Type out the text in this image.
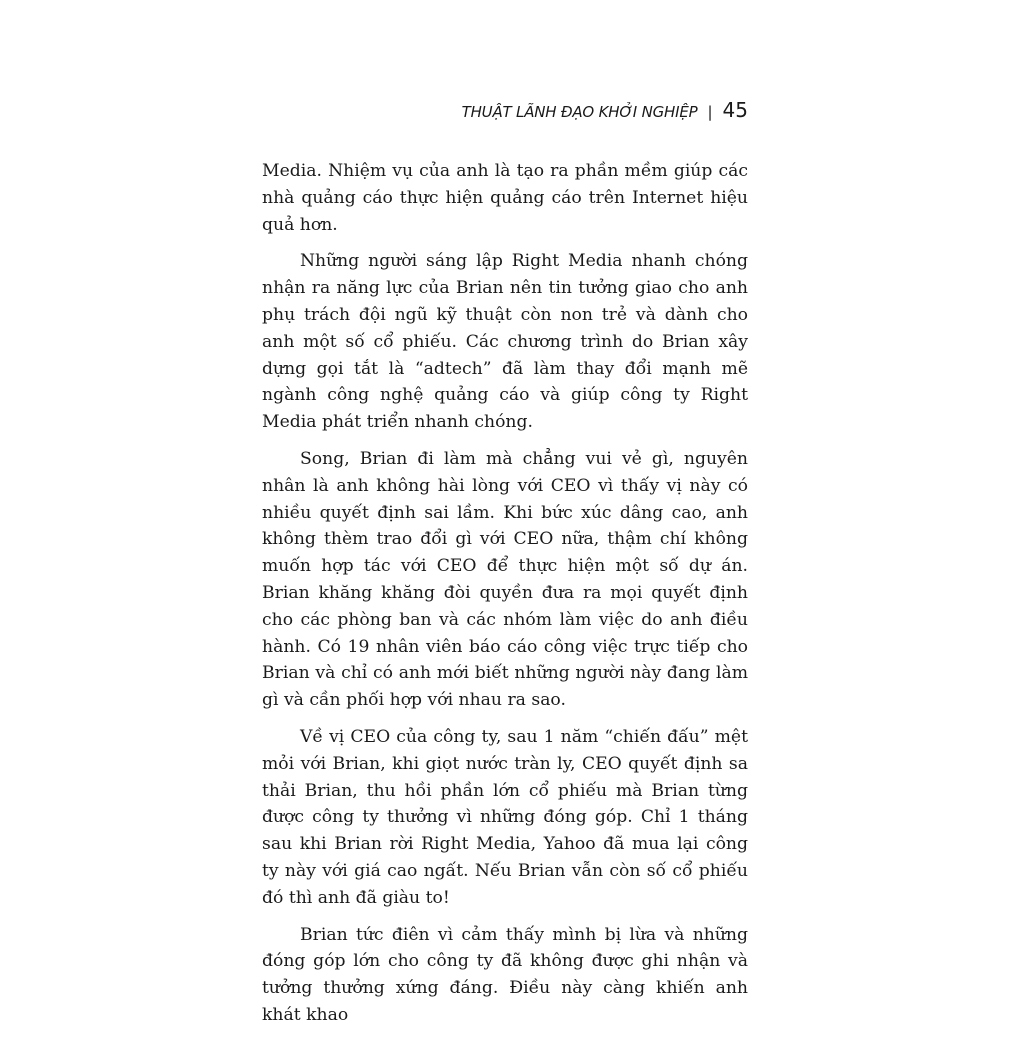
THUẬT LÃNH ĐẠO KHỞI NGHIỆP | 45

Media. Nhiệm vụ của anh là tạo ra phần mềm giúp các nhà quảng cáo thực hiện quảng cáo trên Internet hiệu quả hơn.

Những người sáng lập Right Media nhanh chóng nhận ra năng lực của Brian nên tin tưởng giao cho anh phụ trách đội ngũ kỹ thuật còn non trẻ và dành cho anh một số cổ phiếu. Các chương trình do Brian xây dựng gọi tắt là “adtech” đã làm thay đổi mạnh mẽ ngành công nghệ quảng cáo và giúp công ty Right Media phát triển nhanh chóng.

Song, Brian đi làm mà chẳng vui vẻ gì, nguyên nhân là anh không hài lòng với CEO vì thấy vị này có nhiều quyết định sai lầm. Khi bức xúc dâng cao, anh không thèm trao đổi gì với CEO nữa, thậm chí không muốn hợp tác với CEO để thực hiện một số dự án. Brian khăng khăng đòi quyền đưa ra mọi quyết định cho các phòng ban và các nhóm làm việc do anh điều hành. Có 19 nhân viên báo cáo công việc trực tiếp cho Brian và chỉ có anh mới biết những người này đang làm gì và cần phối hợp với nhau ra sao.

Về vị CEO của công ty, sau 1 năm “chiến đấu” mệt mỏi với Brian, khi giọt nước tràn ly, CEO quyết định sa thải Brian, thu hồi phần lớn cổ phiếu mà Brian từng được công ty thưởng vì những đóng góp. Chỉ 1 tháng sau khi Brian rời Right Media, Yahoo đã mua lại công ty này với giá cao ngất. Nếu Brian vẫn còn số cổ phiếu đó thì anh đã giàu to!

Brian tức điên vì cảm thấy mình bị lừa và những đóng góp lớn cho công ty đã không được ghi nhận và tưởng thưởng xứng đáng. Điều này càng khiến anh khát khao
